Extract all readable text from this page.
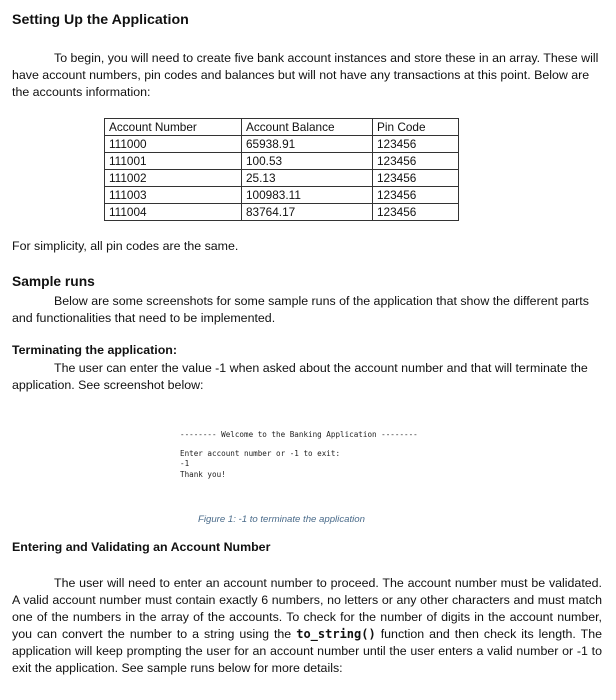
Setting Up the Application
To begin, you will need to create five bank account instances and store these in an array. These will have account numbers, pin codes and balances but will not have any transactions at this point. Below are the accounts information:
Account Number	Account Balance	Pin Code
111000	65938.91	123456
111001	100.53	123456
111002	25.13	123456
111003	100983.11	123456
111004	83764.17	123456
For simplicity, all pin codes are the same.
Sample runs
Below are some screenshots for some sample runs of the application that show the different parts and functionalities that need to be implemented.
Terminating the application:
The user can enter the value -1 when asked about the account number and that will terminate the application. See screenshot below:
-------- Welcome to the Banking Application --------
Enter account number or -1 to exit:
-1
Thank you!
Figure 1: -1 to terminate the application
Entering and Validating an Account Number
The user will need to enter an account number to proceed. The account number must be validated. A valid account number must contain exactly 6 numbers, no letters or any other characters and must match one of the numbers in the array of the accounts. To check for the number of digits in the account number, you can convert the number to a string using the to_string() function and then check its length. The application will keep prompting the user for an account number until the user enters a valid number or -1 to exit the application. See sample runs below for more details:
